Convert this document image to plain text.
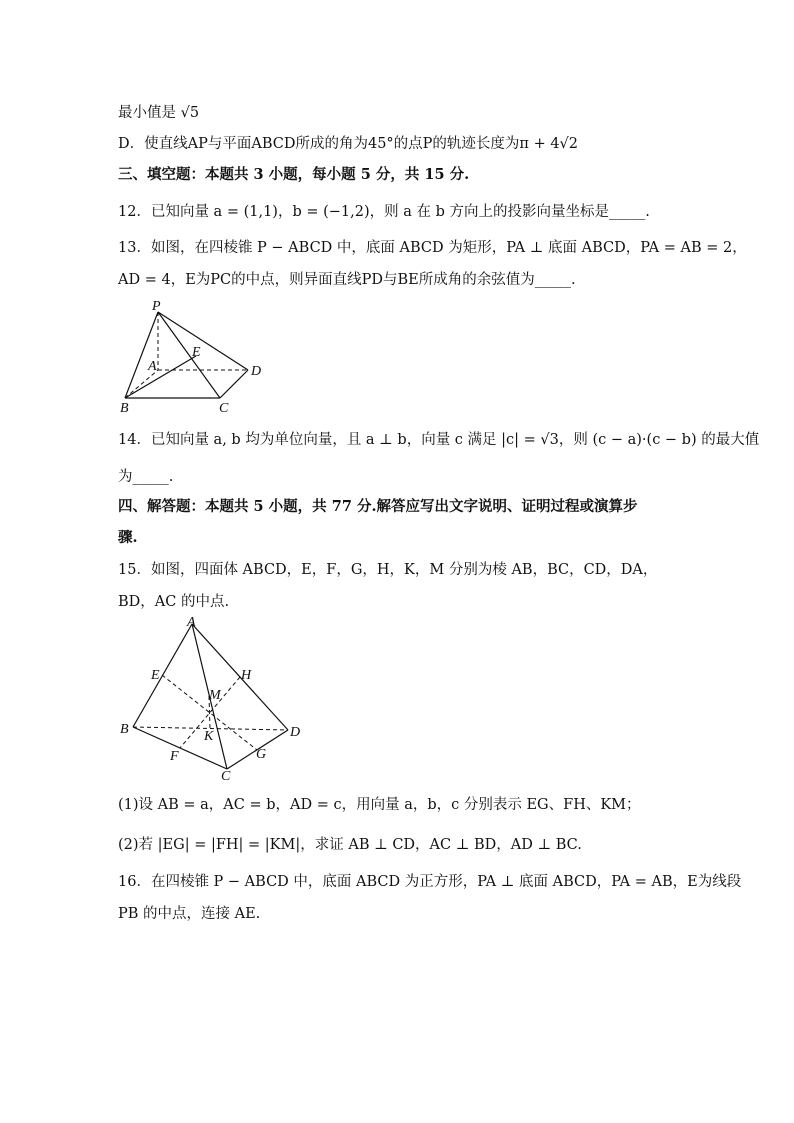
最小值是 √5
D．使直线AP与平面ABCD所成的角为45°的点P的轨迹长度为π + 4√2
三、填空题：本题共 3 小题，每小题 5 分，共 15 分.
12．已知向量 a = (1,1)，b = (−1,2)，则 a 在 b 方向上的投影向量坐标是_____.
13．如图，在四棱锥 P − ABCD 中，底面 ABCD 为矩形，PA ⊥ 底面 ABCD，PA = AB = 2，
AD = 4，E为PC的中点，则异面直线PD与BE所成角的余弦值为_____.
P
A
E
D
B	C
14．已知向量 a, b 均为单位向量，且 a ⊥ b，向量 c 满足 |c| = √3，则 (c − a)·(c − b) 的最大值
为_____.
四、解答题：本题共 5 小题，共 77 分.解答应写出文字说明、证明过程或演算步
骤.
15．如图，四面体 ABCD，E，F，G，H，K，M 分别为棱 AB，BC，CD，DA，
BD，AC 的中点.
A
E	H
M
B	K	D
F	G
C
(1)设 AB = a，AC = b，AD = c，用向量 a，b，c 分别表示 EG、FH、KM；
(2)若 |EG| = |FH| = |KM|，求证 AB ⊥ CD，AC ⊥ BD，AD ⊥ BC.
16．在四棱锥 P − ABCD 中，底面 ABCD 为正方形，PA ⊥ 底面 ABCD，PA = AB，E为线段
PB 的中点，连接 AE.
